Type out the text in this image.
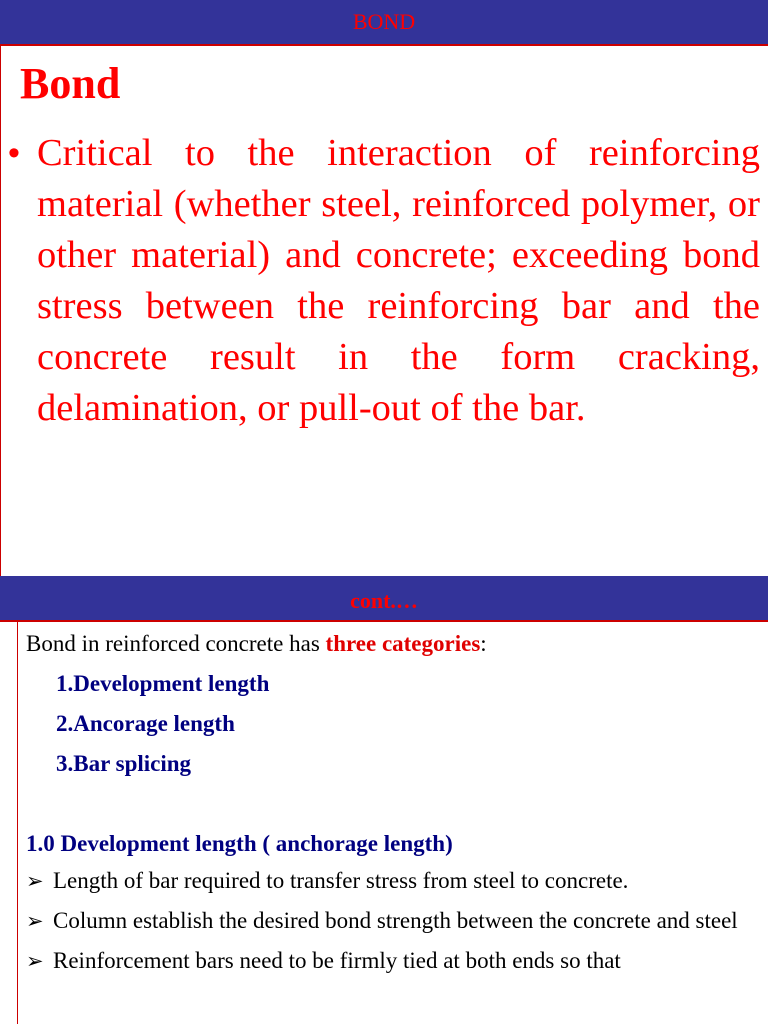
BOND
Bond
• Critical to the interaction of reinforcing material (whether steel, reinforced polymer, or other material) and concrete; exceeding bond stress between the reinforcing bar and the concrete result in the form cracking, delamination, or pull-out of the bar.
cont.…
Bond in reinforced concrete has three categories:
1.Development length
2.Ancorage length
3.Bar splicing
1.0 Development length ( anchorage length)
➢ Length of bar required to transfer stress from steel to concrete.
➢ Column establish the desired bond strength between the concrete and steel
➢ Reinforcement bars need to be firmly tied at both ends so that
